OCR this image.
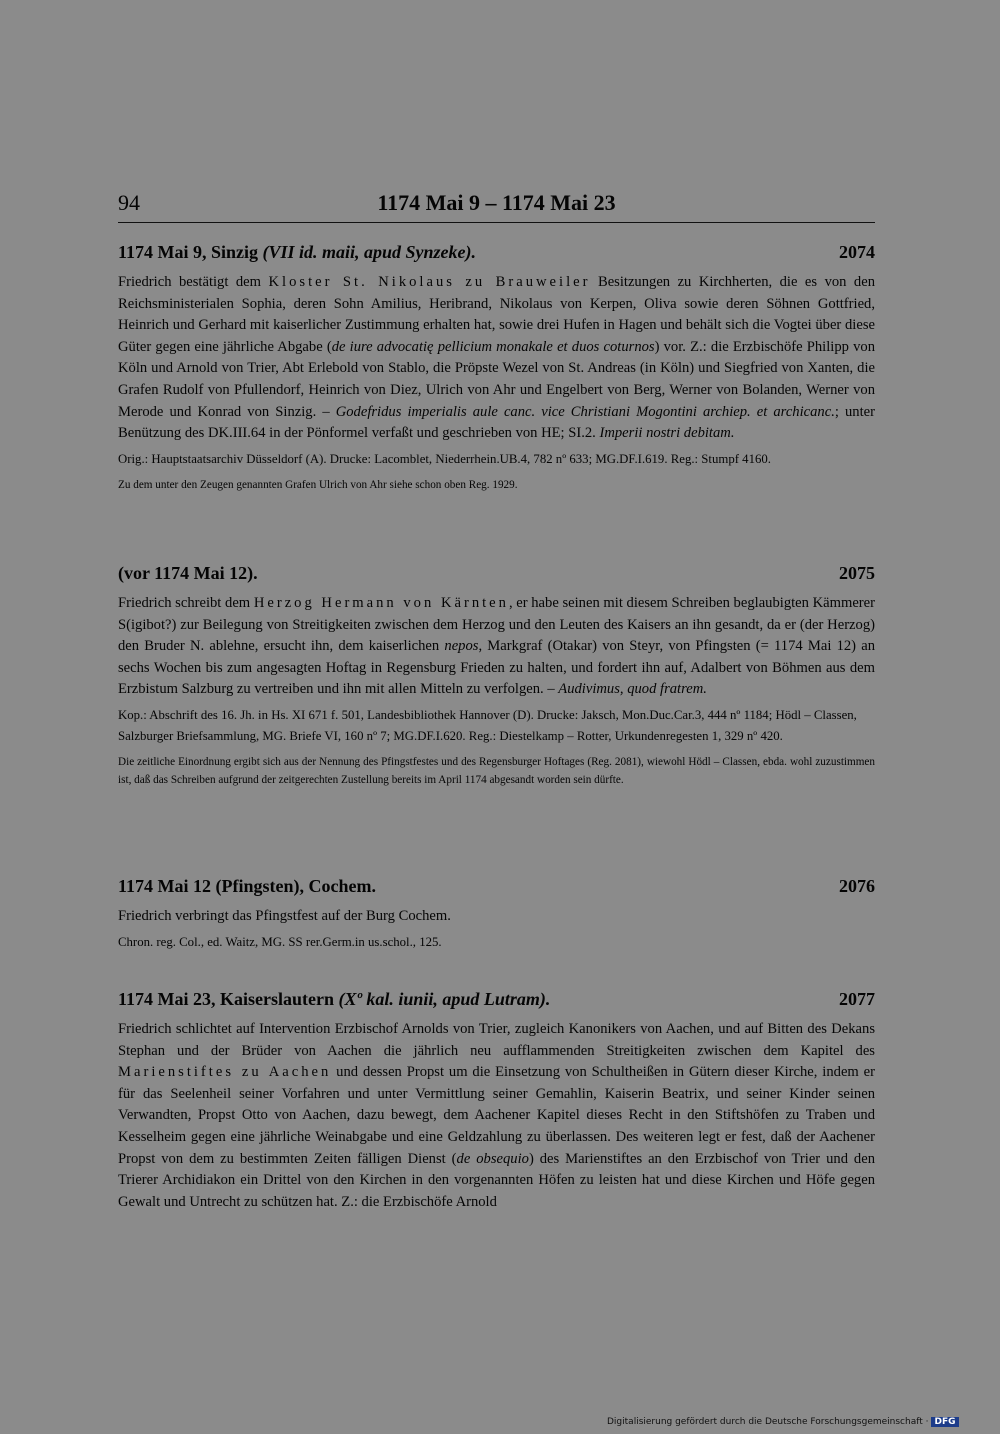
94	1174 Mai 9 – 1174 Mai 23
1174 Mai 9, Sinzig (VII id. maii, apud Synzeke).	2074
Friedrich bestätigt dem Kloster St. Nikolaus zu Brauweiler Besitzungen zu Kirchherten, die es von den Reichsministerialen Sophia, deren Sohn Amilius, Heribrand, Nikolaus von Kerpen, Oliva sowie deren Söhnen Gottfried, Heinrich und Gerhard mit kaiserlicher Zustimmung erhalten hat, sowie drei Hufen in Hagen und behält sich die Vogtei über diese Güter gegen eine jährliche Abgabe (de iure advocatię pellicium monakale et duos coturnos) vor. Z.: die Erzbischöfe Philipp von Köln und Arnold von Trier, Abt Erlebold von Stablo, die Pröpste Wezel von St. Andreas (in Köln) und Siegfried von Xanten, die Grafen Rudolf von Pfullendorf, Heinrich von Diez, Ulrich von Ahr und Engelbert von Berg, Werner von Bolanden, Werner von Merode und Konrad von Sinzig. – Godefridus imperialis aule canc. vice Christiani Mogontini archiep. et archicanc.; unter Benützung des DK.III.64 in der Pönformel verfaßt und geschrieben von HE; SI.2. Imperii nostri debitam.
Orig.: Hauptstaatsarchiv Düsseldorf (A). Drucke: Lacomblet, Niederrhein.UB.4, 782 nº 633; MG.DF.I.619. Reg.: Stumpf 4160.
Zu dem unter den Zeugen genannten Grafen Ulrich von Ahr siehe schon oben Reg. 1929.
(vor 1174 Mai 12).	2075
Friedrich schreibt dem Herzog Hermann von Kärnten, er habe seinen mit diesem Schreiben beglaubigten Kämmerer S(igibot?) zur Beilegung von Streitigkeiten zwischen dem Herzog und den Leuten des Kaisers an ihn gesandt, da er (der Herzog) den Bruder N. ablehne, ersucht ihn, dem kaiserlichen nepos, Markgraf (Otakar) von Steyr, von Pfingsten (= 1174 Mai 12) an sechs Wochen bis zum angesagten Hoftag in Regensburg Frieden zu halten, und fordert ihn auf, Adalbert von Böhmen aus dem Erzbistum Salzburg zu vertreiben und ihn mit allen Mitteln zu verfolgen. – Audivimus, quod fratrem.
Kop.: Abschrift des 16. Jh. in Hs. XI 671 f. 501, Landesbibliothek Hannover (D). Drucke: Jaksch, Mon.Duc.Car.3, 444 nº 1184; Hödl – Classen, Salzburger Briefsammlung, MG. Briefe VI, 160 nº 7; MG.DF.I.620. Reg.: Diestelkamp – Rotter, Urkundenregesten 1, 329 nº 420.
Die zeitliche Einordnung ergibt sich aus der Nennung des Pfingstfestes und des Regensburger Hoftages (Reg. 2081), wiewohl Hödl – Classen, ebda. wohl zuzustimmen ist, daß das Schreiben aufgrund der zeitgerechten Zustellung bereits im April 1174 abgesandt worden sein dürfte.
1174 Mai 12 (Pfingsten), Cochem.	2076
Friedrich verbringt das Pfingstfest auf der Burg Cochem.
Chron. reg. Col., ed. Waitz, MG. SS rer.Germ.in us.schol., 125.
1174 Mai 23, Kaiserslautern (Xº kal. iunii, apud Lutram).	2077
Friedrich schlichtet auf Intervention Erzbischof Arnolds von Trier, zugleich Kanonikers von Aachen, und auf Bitten des Dekans Stephan und der Brüder von Aachen die jährlich neu aufflammenden Streitigkeiten zwischen dem Kapitel des Marienstiftes zu Aachen und dessen Propst um die Einsetzung von Schultheißen in Gütern dieser Kirche, indem er für das Seelenheil seiner Vorfahren und unter Vermittlung seiner Gemahlin, Kaiserin Beatrix, und seiner Kinder seinen Verwandten, Propst Otto von Aachen, dazu bewegt, dem Aachener Kapitel dieses Recht in den Stiftshöfen zu Traben und Kesselheim gegen eine jährliche Weinabgabe und eine Geldzahlung zu überlassen. Des weiteren legt er fest, daß der Aachener Propst von dem zu bestimmten Zeiten fälligen Dienst (de obsequio) des Marienstiftes an den Erzbischof von Trier und den Trierer Archidiakon ein Drittel von den Kirchen in den vorgenannten Höfen zu leisten hat und diese Kirchen und Höfe gegen Gewalt und Untrecht zu schützen hat. Z.: die Erzbischöfe Arnold
Digitalisierung gefördert durch die Deutsche Forschungsgemeinschaft · DFG
